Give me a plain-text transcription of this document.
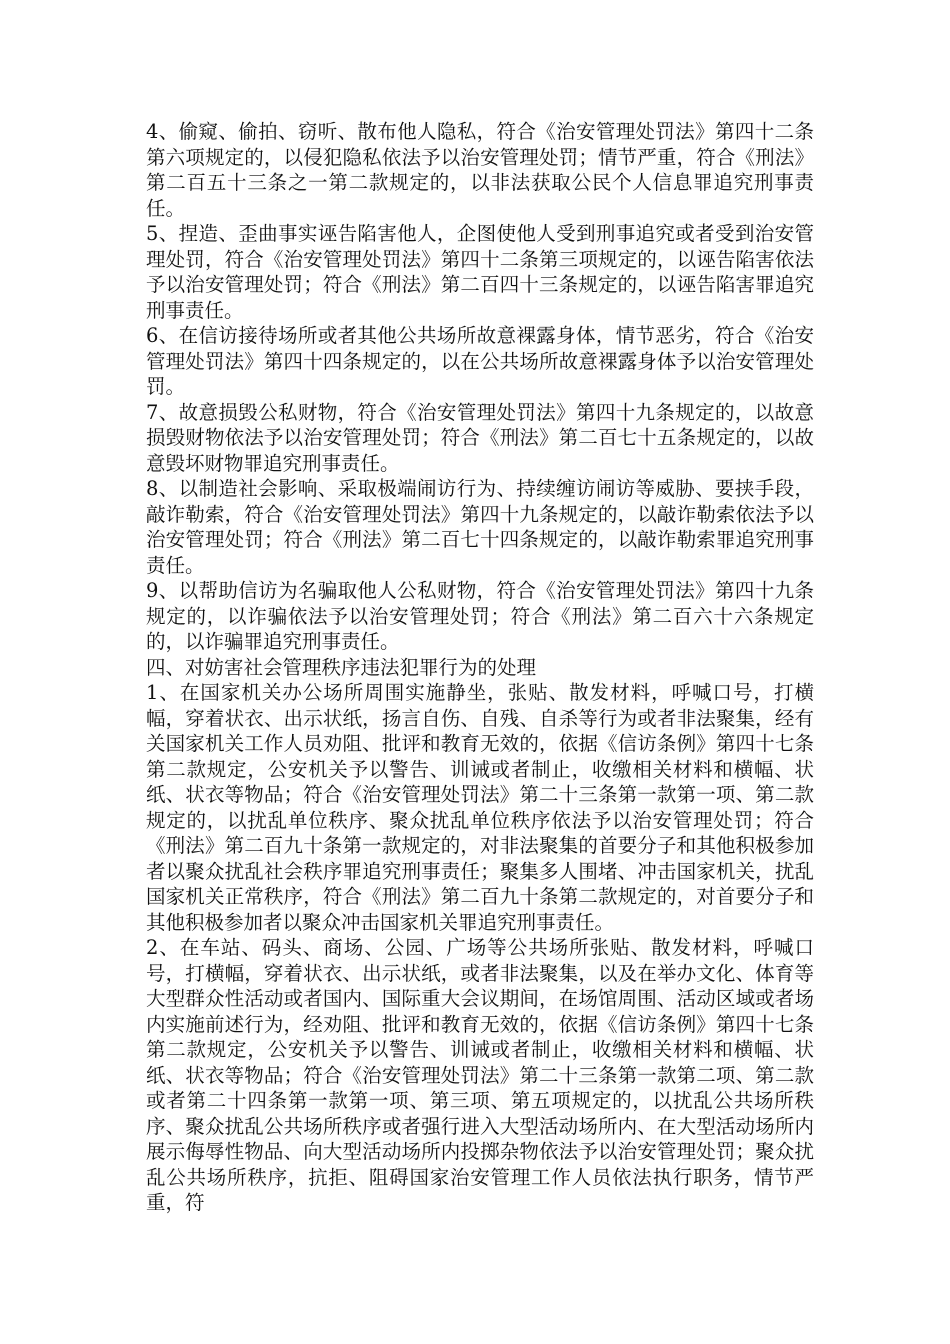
4、偷窥、偷拍、窃听、散布他人隐私，符合《治安管理处罚法》第四十二条第六项规定的，以侵犯隐私依法予以治安管理处罚；情节严重，符合《刑法》第二百五十三条之一第二款规定的，以非法获取公民个人信息罪追究刑事责任。

5、捏造、歪曲事实诬告陷害他人，企图使他人受到刑事追究或者受到治安管理处罚，符合《治安管理处罚法》第四十二条第三项规定的，以诬告陷害依法予以治安管理处罚；符合《刑法》第二百四十三条规定的，以诬告陷害罪追究刑事责任。

6、在信访接待场所或者其他公共场所故意裸露身体，情节恶劣，符合《治安管理处罚法》第四十四条规定的，以在公共场所故意裸露身体予以治安管理处罚。

7、故意损毁公私财物，符合《治安管理处罚法》第四十九条规定的，以故意损毁财物依法予以治安管理处罚；符合《刑法》第二百七十五条规定的，以故意毁坏财物罪追究刑事责任。

8、以制造社会影响、采取极端闹访行为、持续缠访闹访等威胁、要挟手段，敲诈勒索，符合《治安管理处罚法》第四十九条规定的，以敲诈勒索依法予以治安管理处罚；符合《刑法》第二百七十四条规定的，以敲诈勒索罪追究刑事责任。

9、以帮助信访为名骗取他人公私财物，符合《治安管理处罚法》第四十九条规定的，以诈骗依法予以治安管理处罚；符合《刑法》第二百六十六条规定的，以诈骗罪追究刑事责任。

四、对妨害社会管理秩序违法犯罪行为的处理

1、在国家机关办公场所周围实施静坐，张贴、散发材料，呼喊口号，打横幅，穿着状衣、出示状纸，扬言自伤、自残、自杀等行为或者非法聚集，经有关国家机关工作人员劝阻、批评和教育无效的，依据《信访条例》第四十七条第二款规定，公安机关予以警告、训诫或者制止，收缴相关材料和横幅、状纸、状衣等物品；符合《治安管理处罚法》第二十三条第一款第一项、第二款规定的，以扰乱单位秩序、聚众扰乱单位秩序依法予以治安管理处罚；符合《刑法》第二百九十条第一款规定的，对非法聚集的首要分子和其他积极参加者以聚众扰乱社会秩序罪追究刑事责任；聚集多人围堵、冲击国家机关，扰乱国家机关正常秩序，符合《刑法》第二百九十条第二款规定的，对首要分子和其他积极参加者以聚众冲击国家机关罪追究刑事责任。

2、在车站、码头、商场、公园、广场等公共场所张贴、散发材料，呼喊口号，打横幅，穿着状衣、出示状纸，或者非法聚集，以及在举办文化、体育等大型群众性活动或者国内、国际重大会议期间，在场馆周围、活动区域或者场内实施前述行为，经劝阻、批评和教育无效的，依据《信访条例》第四十七条第二款规定，公安机关予以警告、训诫或者制止，收缴相关材料和横幅、状纸、状衣等物品；符合《治安管理处罚法》第二十三条第一款第二项、第二款或者第二十四条第一款第一项、第三项、第五项规定的，以扰乱公共场所秩序、聚众扰乱公共场所秩序或者强行进入大型活动场所内、在大型活动场所内展示侮辱性物品、向大型活动场所内投掷杂物依法予以治安管理处罚；聚众扰乱公共场所秩序，抗拒、阻碍国家治安管理工作人员依法执行职务，情节严重，符
